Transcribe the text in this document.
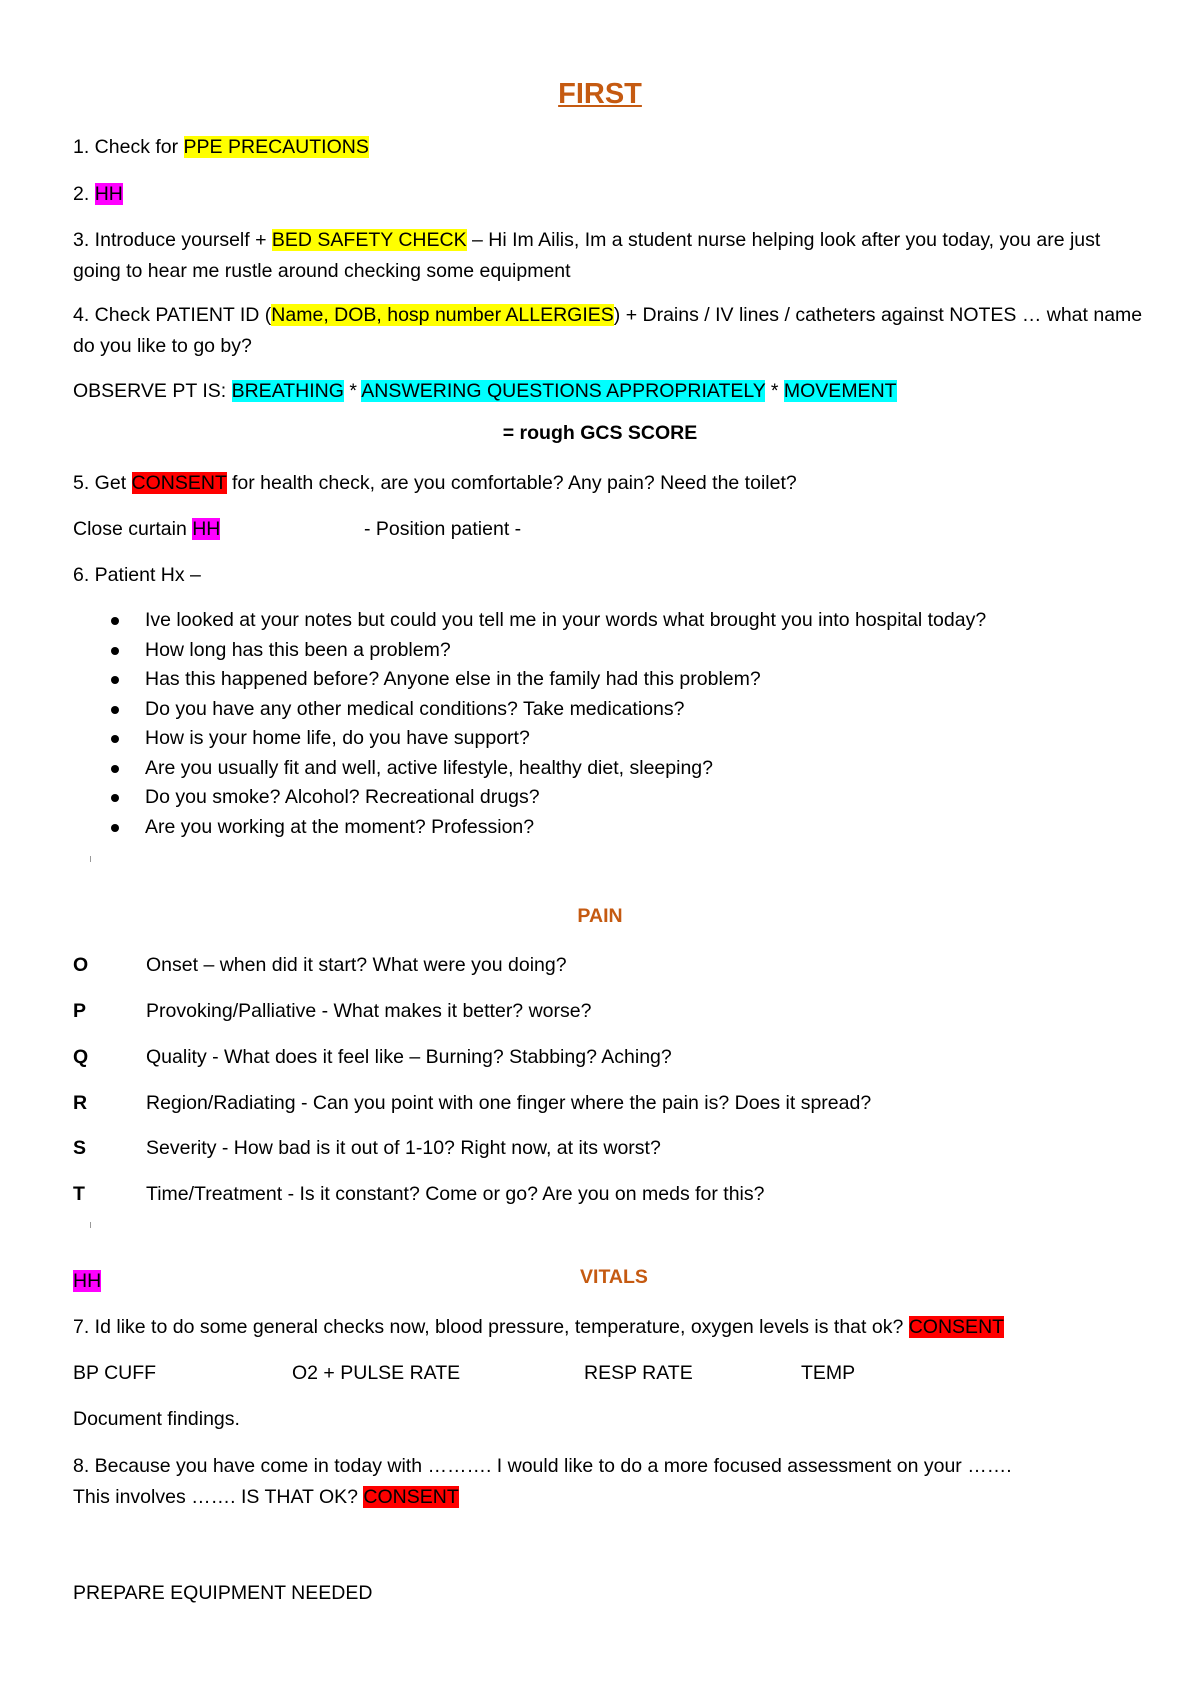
FIRST
1. Check for PPE PRECAUTIONS
2. HH
3. Introduce yourself + BED SAFETY CHECK – Hi Im Ailis, Im a student nurse helping look after you today, you are just going to hear me rustle around checking some equipment
4. Check PATIENT ID (Name, DOB, hosp number ALLERGIES) + Drains / IV lines / catheters against NOTES … what name do you like to go by?
OBSERVE PT IS: BREATHING * ANSWERING QUESTIONS APPROPRIATELY * MOVEMENT
= rough GCS SCORE
5. Get CONSENT for health check, are you comfortable? Any pain? Need the toilet?
Close curtain HH	- Position patient -
6. Patient Hx –
Ive looked at your notes but could you tell me in your words what brought you into hospital today?
How long has this been a problem?
Has this happened before? Anyone else in the family had this problem?
Do you have any other medical conditions? Take medications?
How is your home life, do you have support?
Are you usually fit and well, active lifestyle, healthy diet, sleeping?
Do you smoke? Alcohol? Recreational drugs?
Are you working at the moment? Profession?
PAIN
O	Onset – when did it start? What were you doing?
P	Provoking/Palliative - What makes it better? worse?
Q	Quality - What does it feel like – Burning? Stabbing? Aching?
R	Region/Radiating - Can you point with one finger where the pain is? Does it spread?
S	Severity - How bad is it out of 1-10? Right now, at its worst?
T	Time/Treatment - Is it constant? Come or go? Are you on meds for this?
HH	VITALS
7. Id like to do some general checks now, blood pressure, temperature, oxygen levels is that ok? CONSENT
BP CUFF	O2 + PULSE RATE	RESP RATE	TEMP
Document findings.
8. Because you have come in today with ………. I would like to do a more focused assessment on your …….
This involves ……. IS THAT OK? CONSENT
PREPARE EQUIPMENT NEEDED
